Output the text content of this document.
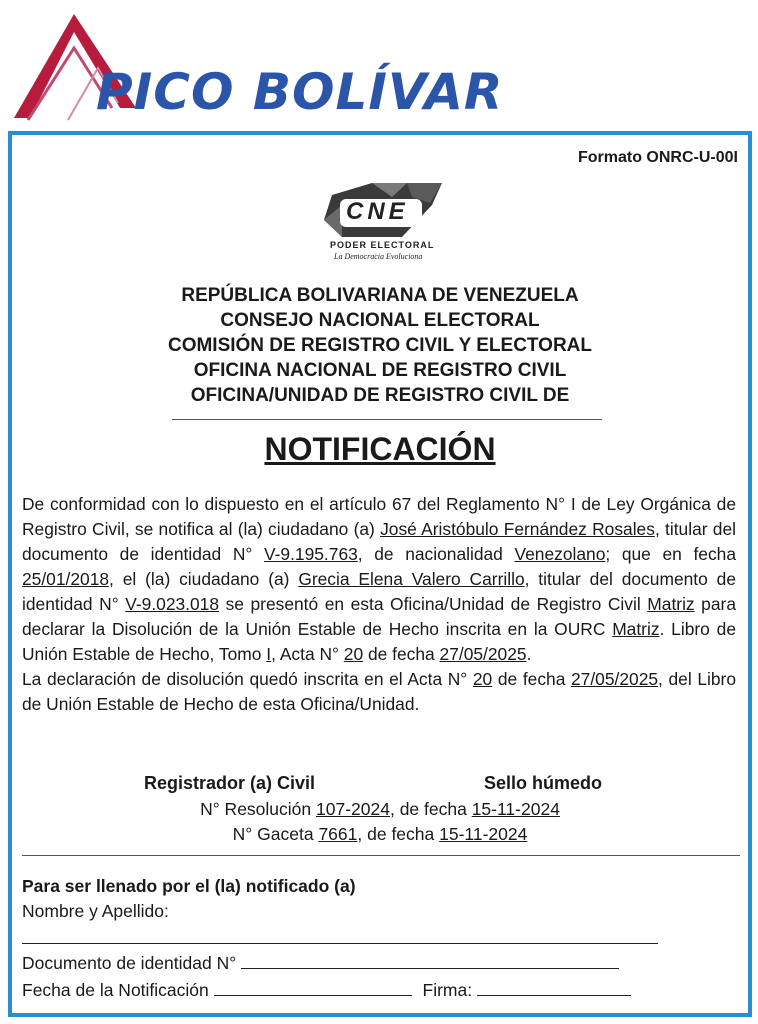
PICO BOLÍVAR
Formato ONRC-U-00I
CNE
PODER ELECTORAL
La Democracia Evoluciona
REPÚBLICA BOLIVARIANA DE VENEZUELA
CONSEJO NACIONAL ELECTORAL
COMISIÓN DE REGISTRO CIVIL Y ELECTORAL
OFICINA NACIONAL DE REGISTRO CIVIL
OFICINA/UNIDAD DE REGISTRO CIVIL DE
NOTIFICACIÓN
De conformidad con lo dispuesto en el artículo 67 del Reglamento N° I de Ley Orgánica de Registro Civil, se notifica al (la) ciudadano (a) José Aristóbulo Fernández Rosales, titular del documento de identidad N° V-9.195.763, de nacionalidad Venezolano; que en fecha 25/01/2018, el (la) ciudadano (a) Grecia Elena Valero Carrillo, titular del documento de identidad N° V-9.023.018 se presentó en esta Oficina/Unidad de Registro Civil Matriz para declarar la Disolución de la Unión Estable de Hecho inscrita en la OURC Matriz. Libro de Unión Estable de Hecho, Tomo I, Acta N° 20 de fecha 27/05/2025.
La declaración de disolución quedó inscrita en el Acta N° 20 de fecha 27/05/2025, del Libro de Unión Estable de Hecho de esta Oficina/Unidad.
Registrador (a) Civil	Sello húmedo
N° Resolución 107-2024, de fecha 15-11-2024
N° Gaceta 7661, de fecha 15-11-2024
Para ser llenado por el (la) notificado (a)
Nombre y Apellido:
Documento de identidad N°
Fecha de la Notificación	Firma:
